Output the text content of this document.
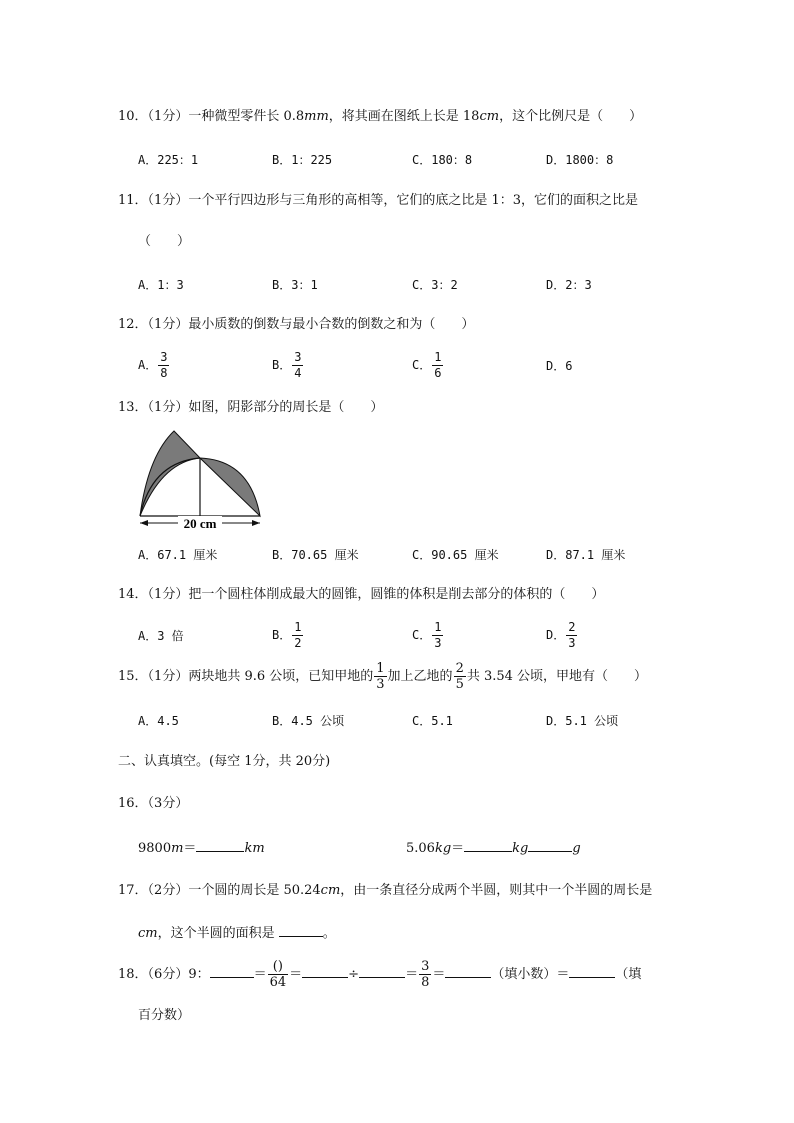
10．（1分）一种微型零件长 0.8mm，将其画在图纸上长是 18cm，这个比例尺是（　　）
A．225：1	B．1：225	C．180：8	D．1800：8
11．（1分）一个平行四边形与三角形的高相等，它们的底之比是 1：3，它们的面积之比是
（　　）
A．1：3	B．3：1	C．3：2	D．2：3
12．（1分）最小质数的倒数与最小合数的倒数之和为（　　）
A． $\frac{3}{8}$	B． $\frac{3}{4}$	C． $\frac{1}{6}$	D．6
13．（1分）如图，阴影部分的周长是（　　）
20 cm
A．67.1 厘米	B．70.65 厘米	C．90.65 厘米	D．87.1 厘米
14．（1分）把一个圆柱体削成最大的圆锥，圆锥的体积是削去部分的体积的（　　）
A．3 倍	B． $\frac{1}{2}$	C． $\frac{1}{3}$	D． $\frac{2}{3}$
15．（1分）两块地共 9.6 公顷，已知甲地的 $\frac{1}{3}$ 加上乙地的 $\frac{2}{5}$ 共 3.54 公顷，甲地有（　　）
A．4.5	B．4.5 公顷	C．5.1	D．5.1 公顷
二、认真填空。(每空 1分，共 20分)
16．（3分）
9800m＝	km	5.06kg＝	kg	g
17．（2分）一个圆的周长是 50.24cm，由一条直径分成两个半圆，则其中一个半圆的周长是
cm，这个半圆的面积是	。
18．（6分）9：	＝ $\frac{()}{64}$ ＝	÷	＝ $\frac{3}{8}$ ＝	（填小数）＝	（填
百分数）
